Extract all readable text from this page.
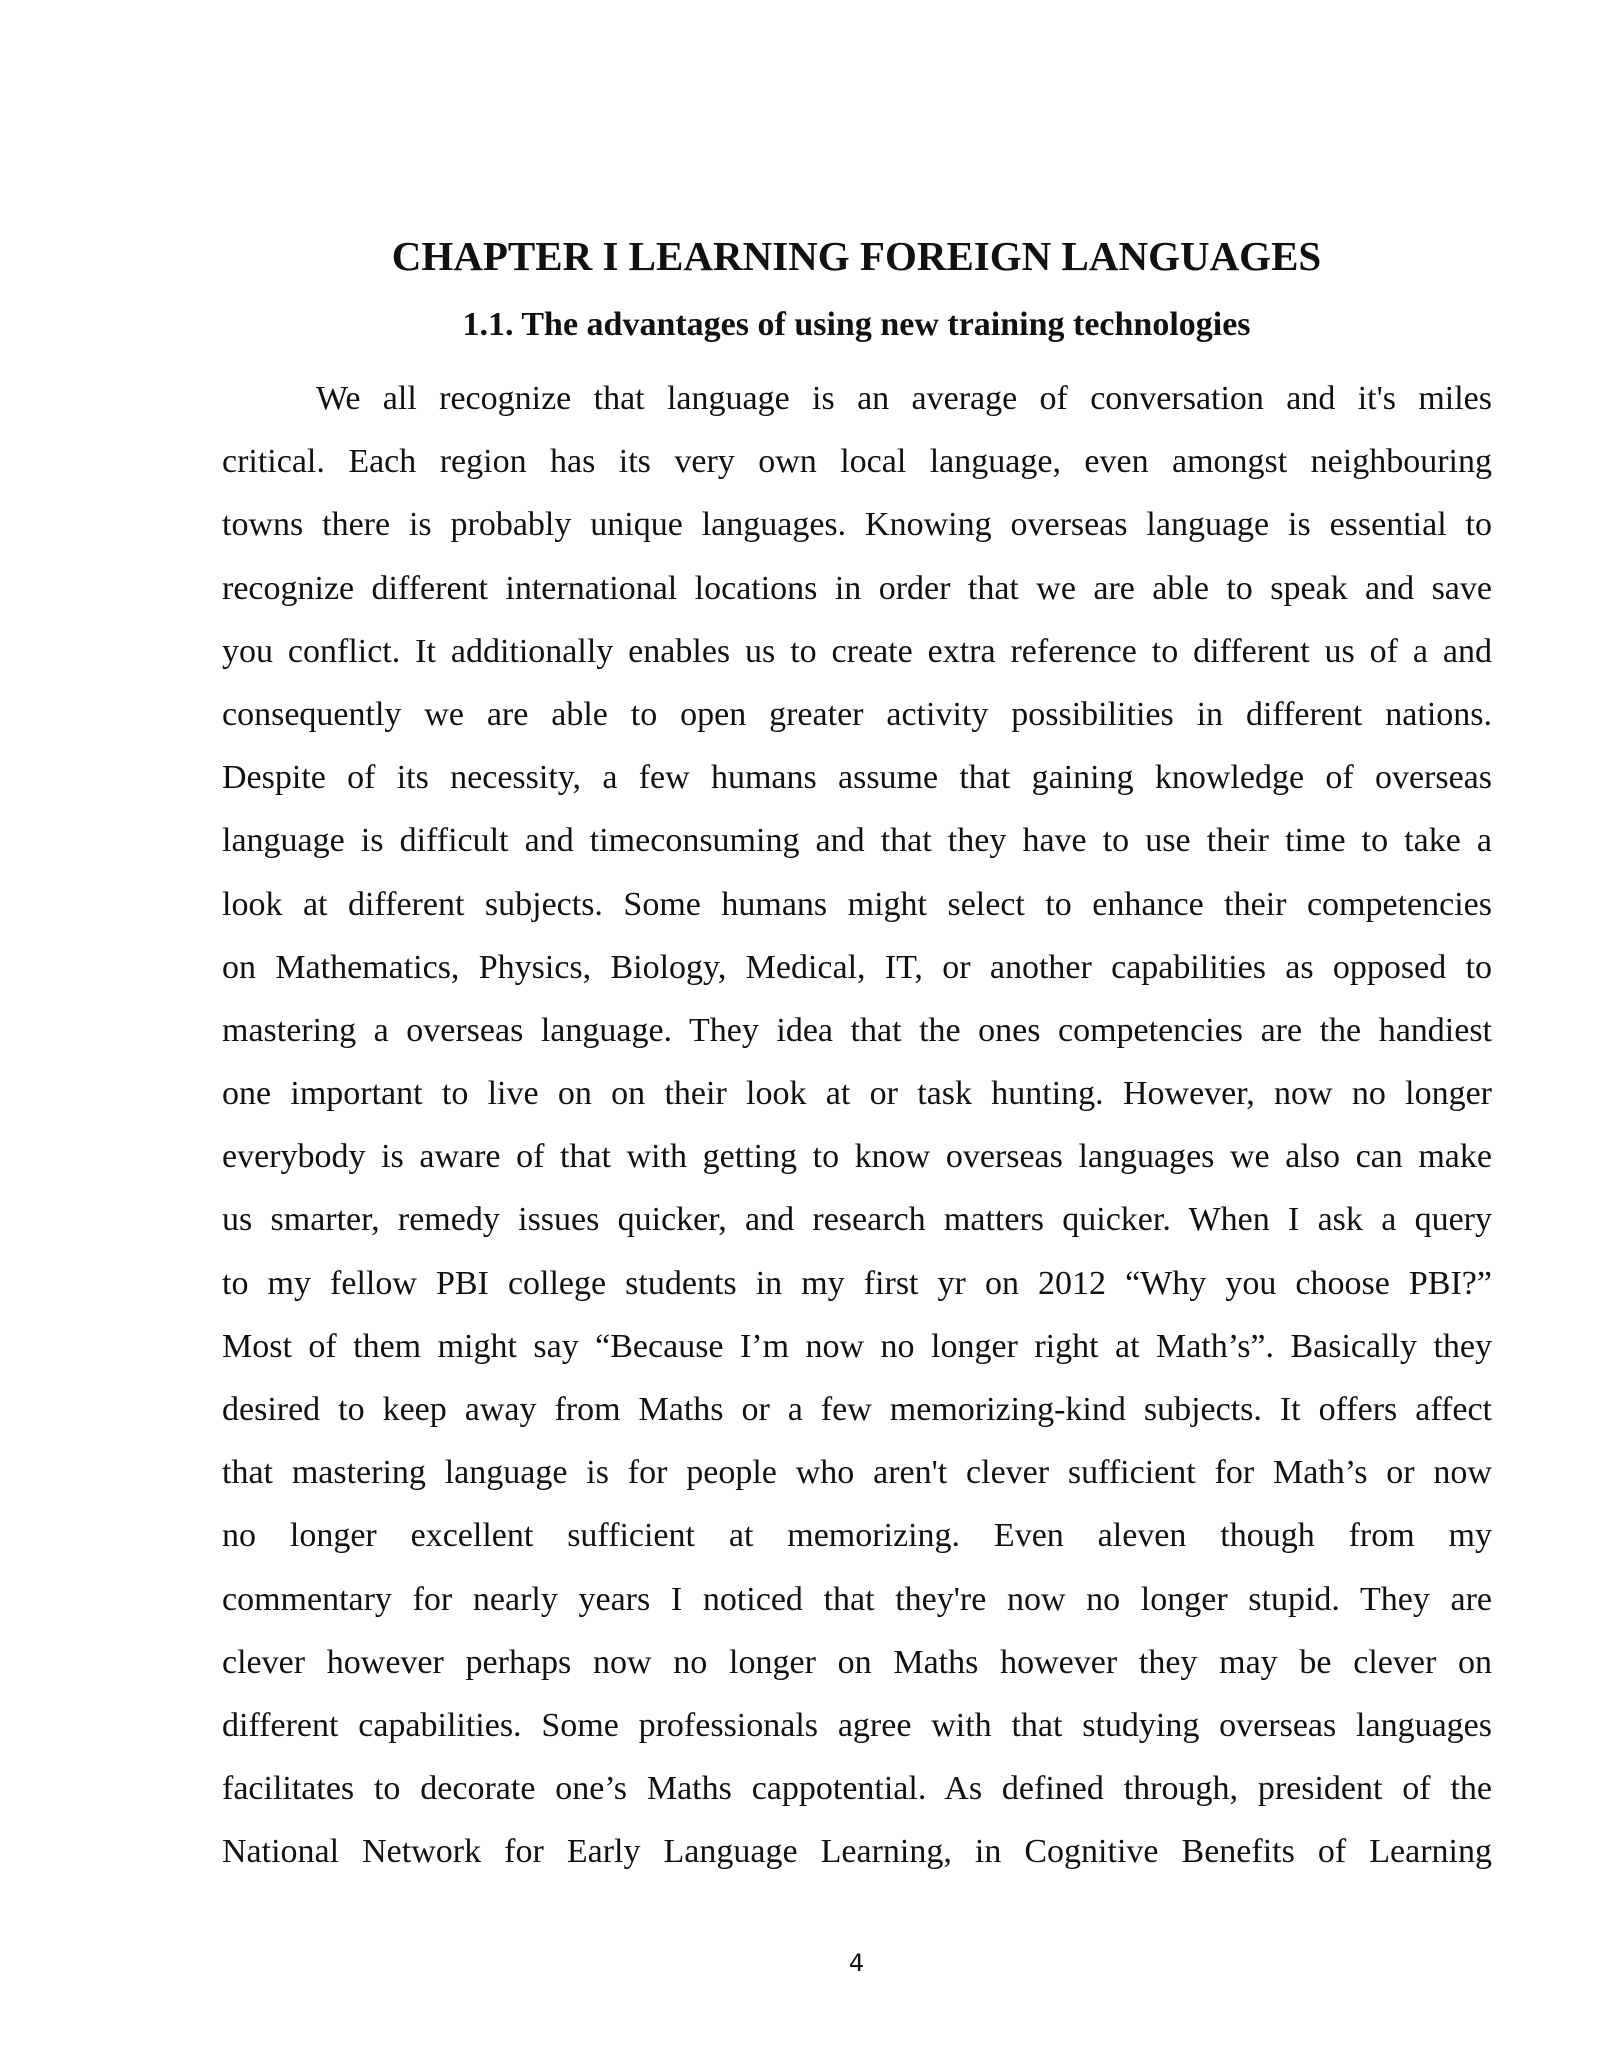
CHAPTER I LEARNING FOREIGN LANGUAGES
1.1. The advantages of using new training technologies
We all recognize that language is an average of conversation and it's miles
critical. Each region has its very own local language, even amongst neighbouring
towns there is probably unique languages. Knowing overseas language is essential to
recognize different international locations in order that we are able to speak and save
you conflict. It additionally enables us to create extra reference to different us of a and
consequently we are able to open greater activity possibilities in different nations.
Despite of its necessity, a few humans assume that gaining knowledge of overseas
language is difficult and timeconsuming and that they have to use their time to take a
look at different subjects. Some humans might select to enhance their competencies
on Mathematics, Physics, Biology, Medical, IT, or another capabilities as opposed to
mastering a overseas language. They idea that the ones competencies are the handiest
one important to live on on their look at or task hunting. However, now no longer
everybody is aware of that with getting to know overseas languages we also can make
us smarter, remedy issues quicker, and research matters quicker. When I ask a query
to my fellow PBI college students in my first yr on 2012 “Why you choose PBI?”
Most of them might say “Because I’m now no longer right at Math’s”. Basically they
desired to keep away from Maths or a few memorizing-kind subjects. It offers affect
that mastering language is for people who aren't clever sufficient for Math’s or now
no longer excellent sufficient at memorizing. Even aleven though from my
commentary for nearly years I noticed that they're now no longer stupid. They are
clever however perhaps now no longer on Maths however they may be clever on
different capabilities. Some professionals agree with that studying overseas languages
facilitates to decorate one’s Maths cappotential. As defined through, president of the
National Network for Early Language Learning, in Cognitive Benefits of Learning
4
